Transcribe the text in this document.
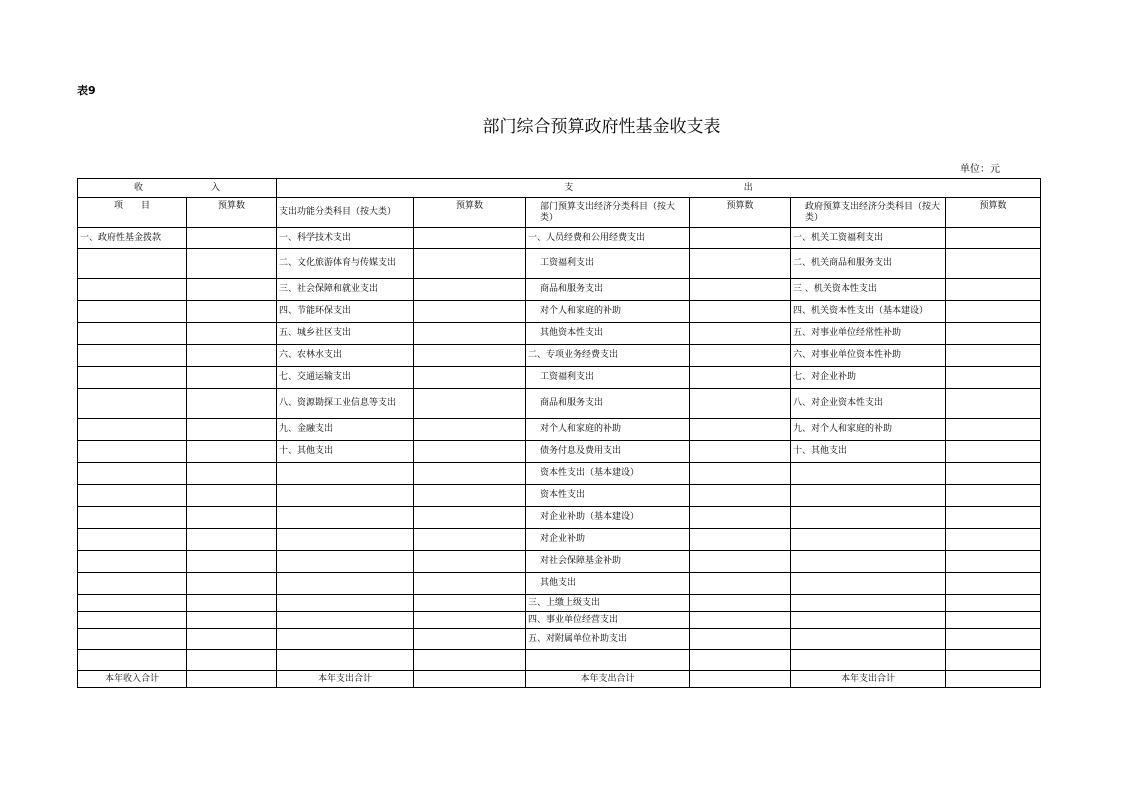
表9
部门综合预算政府性基金收支表
单位：元
收 入		支 出					

项　　目	预算数	支出功能分类科目（按大类）	预算数	部门预算支出经济分类科目（按大类）	预算数	政府预算支出经济分类科目（按大类）	预算数
一、政府性基金拨款		一、科学技术支出		一、人员经费和公用经费支出		一、机关工资福利支出	
		二、文化旅游体育与传媒支出		工资福利支出		二、机关商品和服务支出	
		三、社会保障和就业支出		商品和服务支出		三 、机关资本性支出	
		四、节能环保支出		对个人和家庭的补助		四、机关资本性支出（基本建设）	
		五、城乡社区支出		其他资本性支出		五、对事业单位经常性补助	
		六、农林水支出		二、专项业务经费支出		六、对事业单位资本性补助	
		七、交通运输支出		工资福利支出		七、对企业补助	
		八、资源勘探工业信息等支出		商品和服务支出		八、对企业资本性支出	
		九、金融支出		对个人和家庭的补助		九、对个人和家庭的补助	
		十、其他支出		债务付息及费用支出		十、其他支出	
				资本性支出（基本建设）			
				资本性支出			
				对企业补助（基本建设）			
				对企业补助			
				对社会保障基金补助			
				其他支出			
				三、上缴上级支出			
				四、事业单位经营支出			
				五、对附属单位补助支出			

本年收入合计		本年支出合计		本年支出合计		本年支出合计	
